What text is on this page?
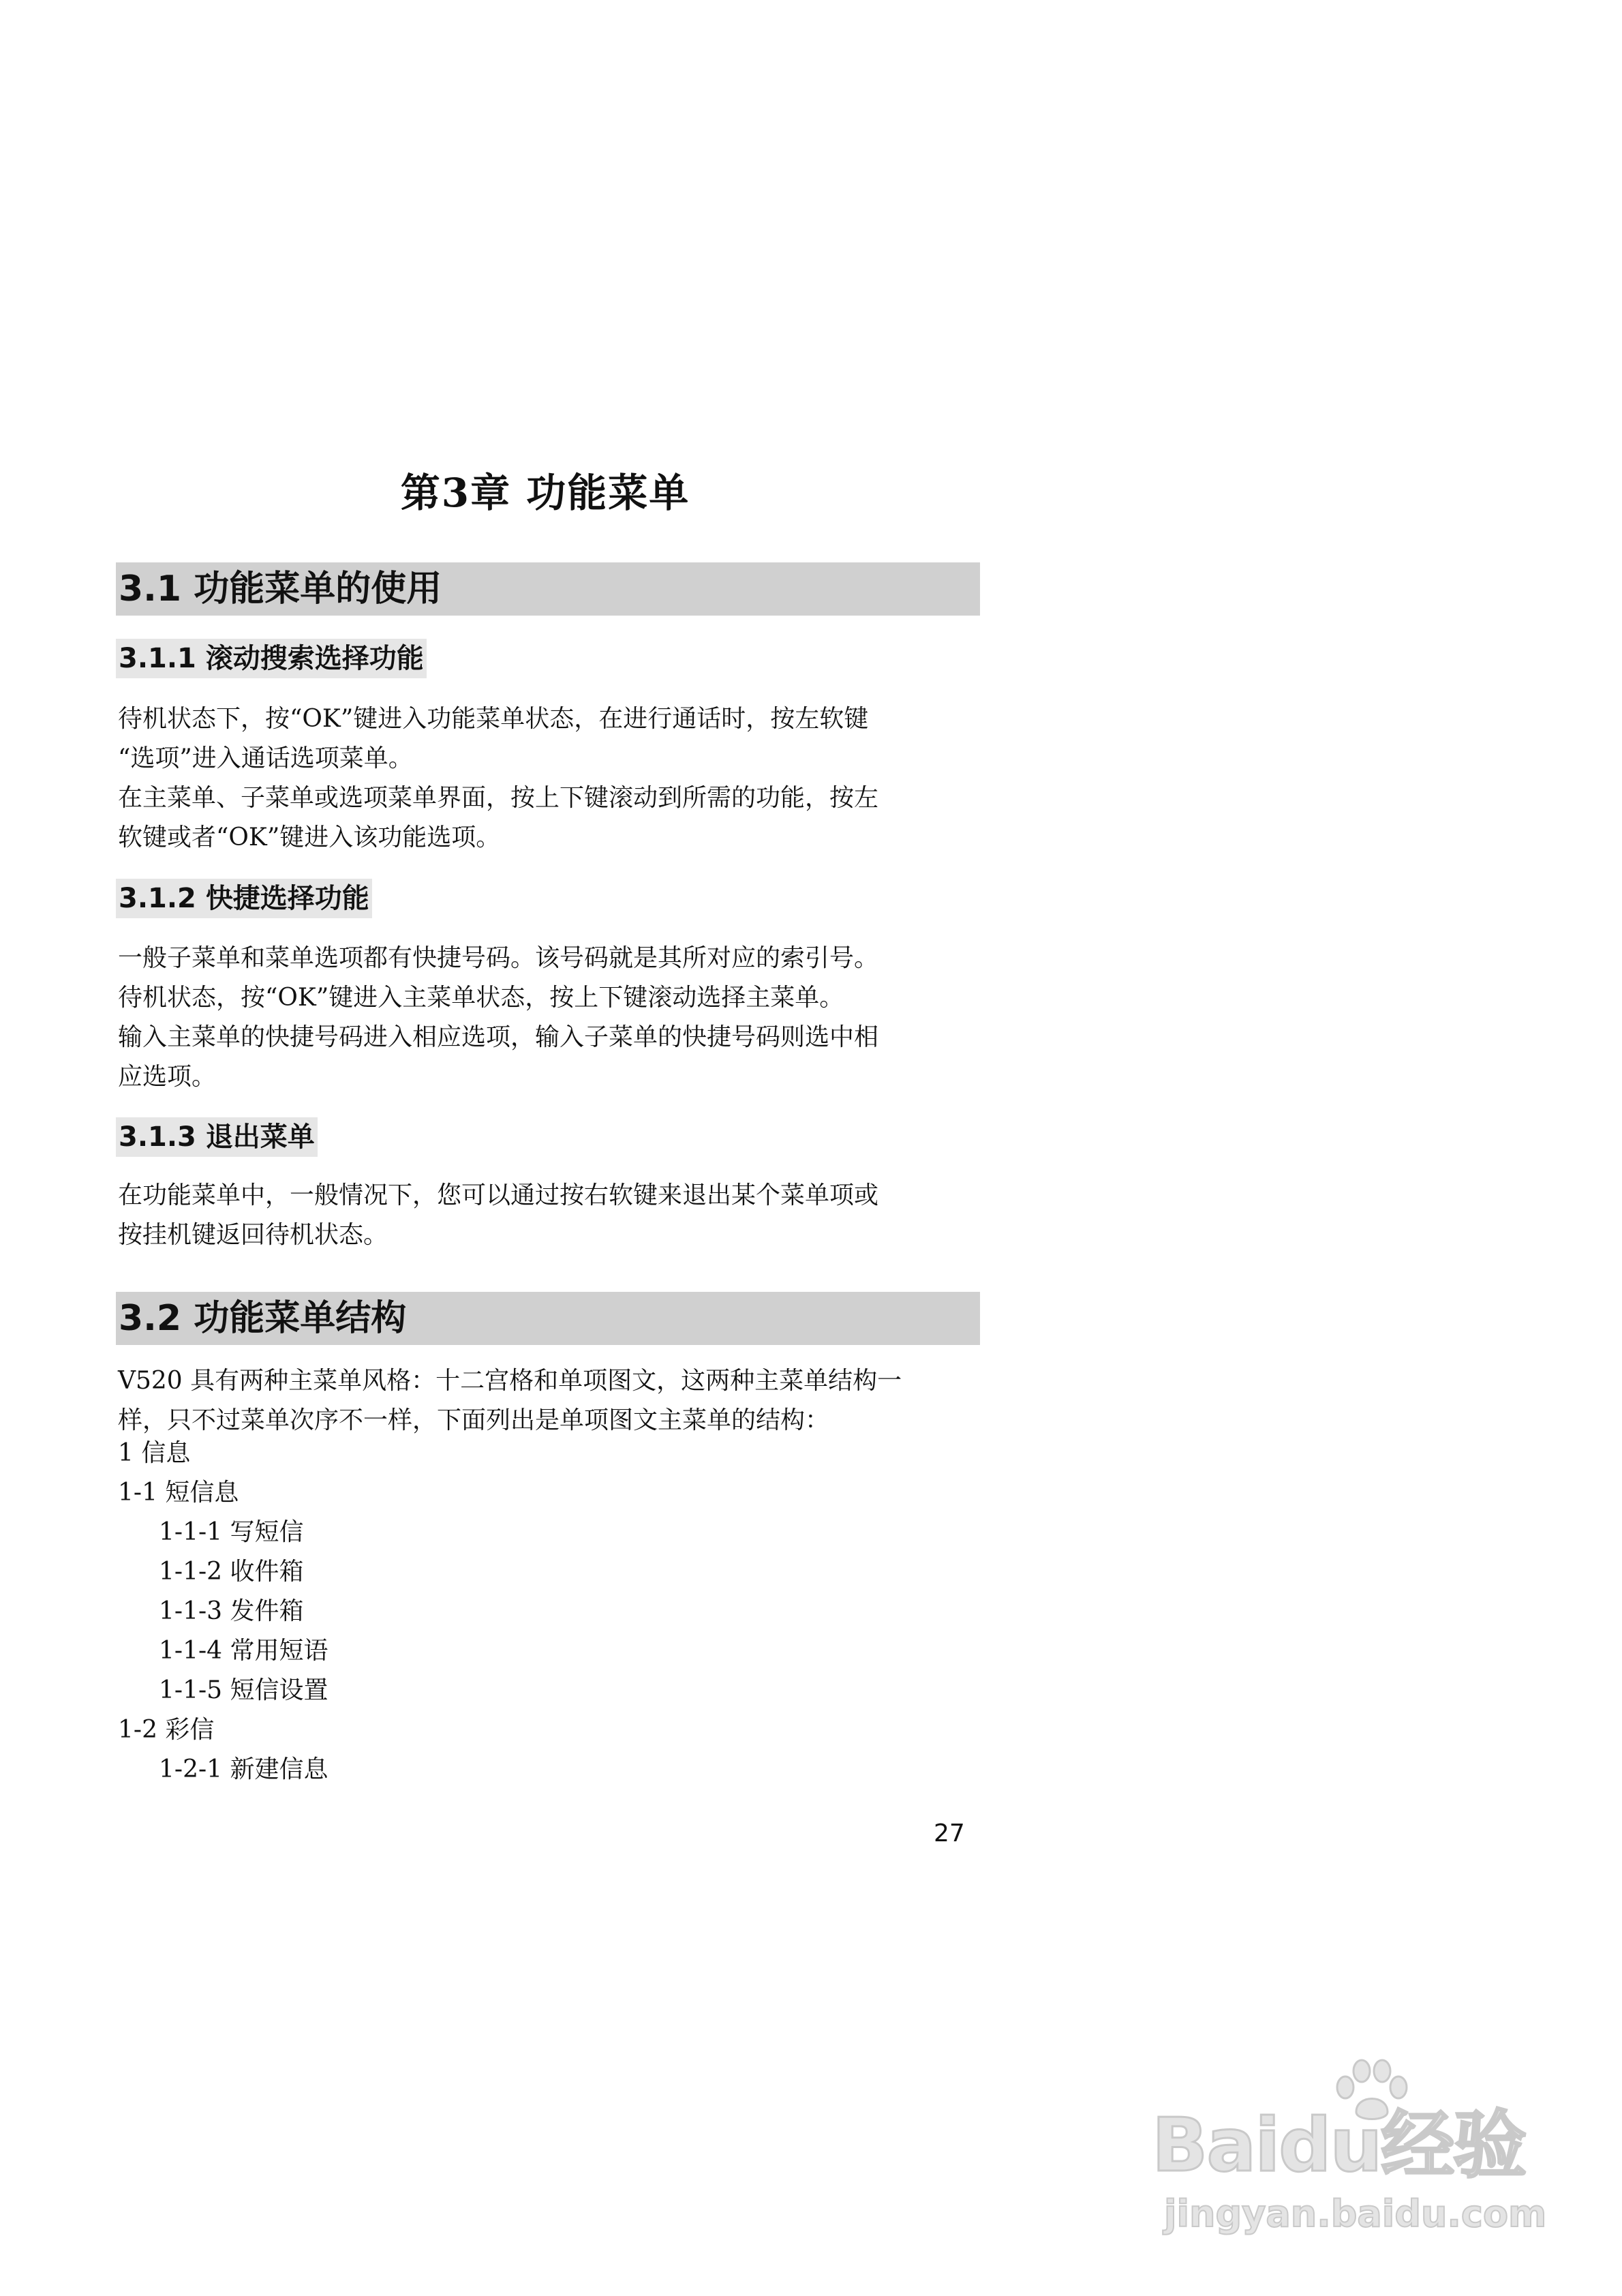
第3章 功能菜单
3.1 功能菜单的使用
3.1.1 滚动搜索选择功能
待机状态下，按“OK”键进入功能菜单状态，在进行通话时，按左软键
“选项”进入通话选项菜单。
在主菜单、子菜单或选项菜单界面，按上下键滚动到所需的功能，按左
软键或者“OK”键进入该功能选项。
3.1.2 快捷选择功能
一般子菜单和菜单选项都有快捷号码。该号码就是其所对应的索引号。
待机状态，按“OK”键进入主菜单状态，按上下键滚动选择主菜单。
输入主菜单的快捷号码进入相应选项，输入子菜单的快捷号码则选中相
应选项。
3.1.3 退出菜单
在功能菜单中，一般情况下，您可以通过按右软键来退出某个菜单项或
按挂机键返回待机状态。
3.2 功能菜单结构
V520 具有两种主菜单风格：十二宫格和单项图文，这两种主菜单结构一
样，只不过菜单次序不一样，下面列出是单项图文主菜单的结构：

1 信息

1-1 短信息

1-1-1 写短信

1-1-2 收件箱

1-1-3 发件箱

1-1-4 常用短语

1-1-5 短信设置

1-2 彩信

1-2-1 新建信息

27

Baidu经验
jingyan.baidu.com
